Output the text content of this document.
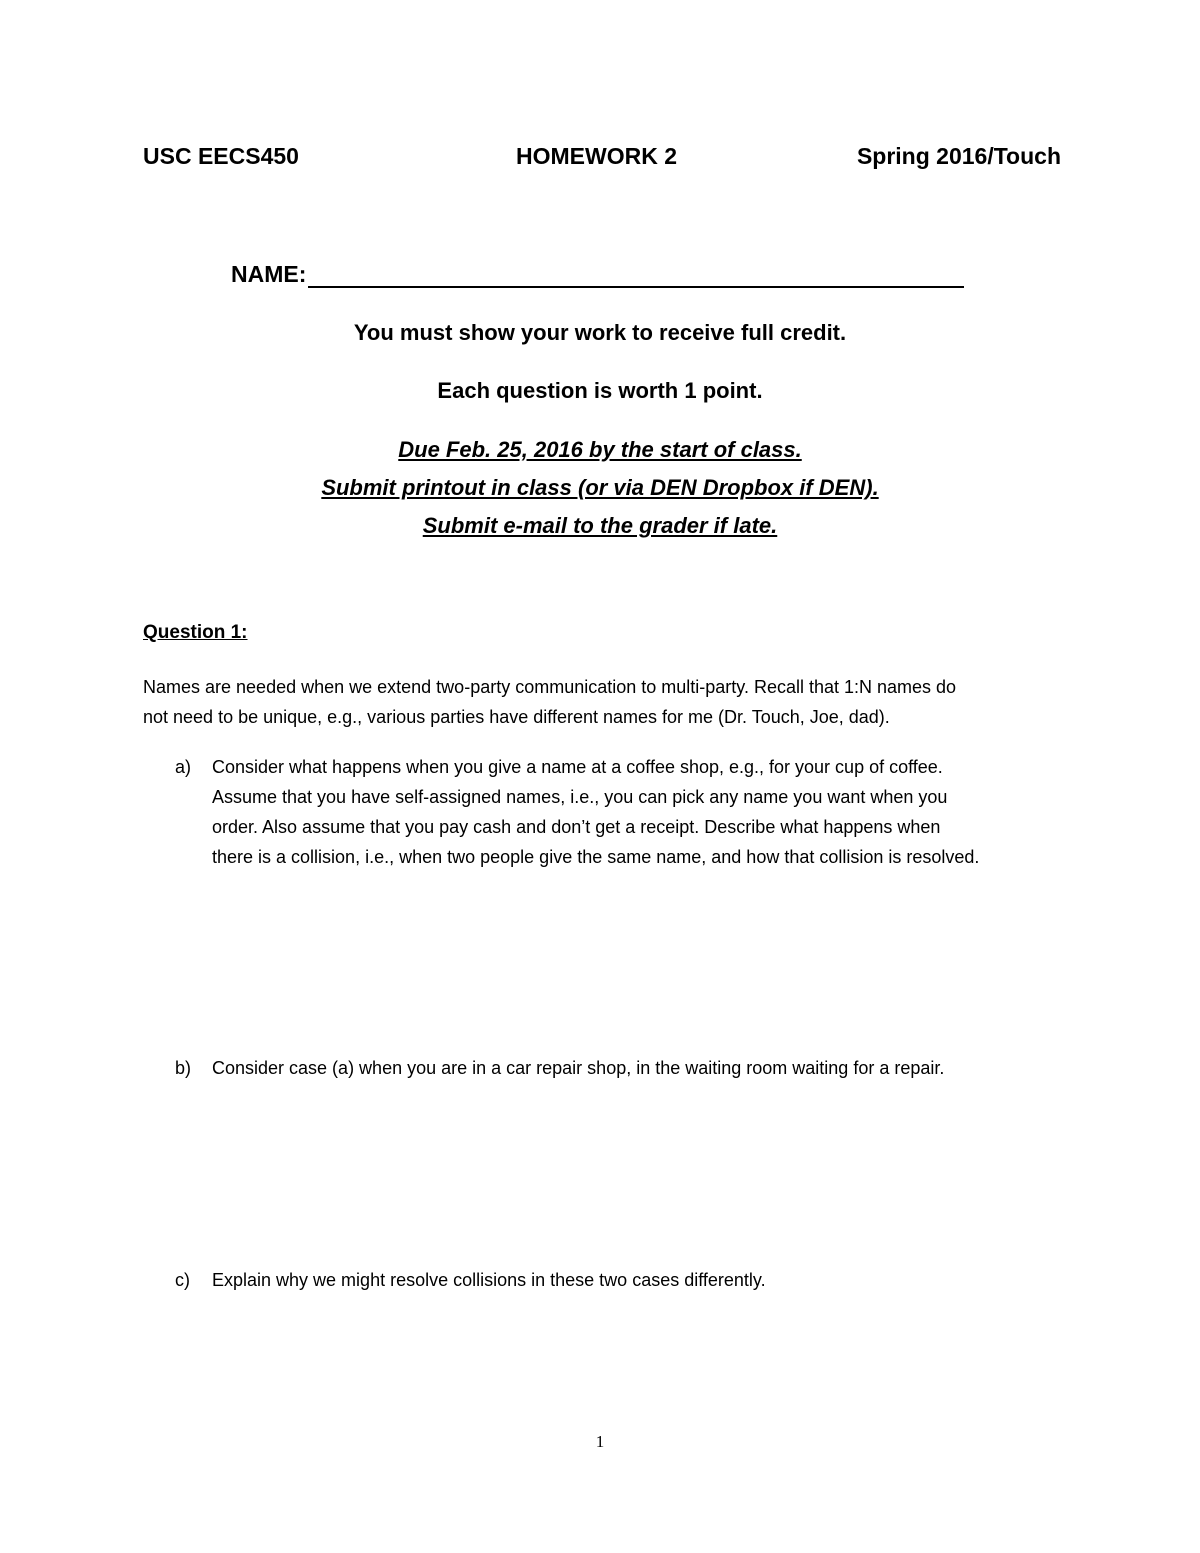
USC EECS450	HOMEWORK 2	Spring 2016/Touch
NAME:
You must show your work to receive full credit.
Each question is worth 1 point.
Due Feb. 25, 2016 by the start of class.
Submit printout in class (or via DEN Dropbox if DEN).
Submit e-mail to the grader if late.
Question 1:
Names are needed when we extend two-party communication to multi-party. Recall that 1:N names do
not need to be unique, e.g., various parties have different names for me (Dr. Touch, Joe, dad).
a) Consider what happens when you give a name at a coffee shop, e.g., for your cup of coffee.
Assume that you have self-assigned names, i.e., you can pick any name you want when you
order. Also assume that you pay cash and don’t get a receipt. Describe what happens when
there is a collision, i.e., when two people give the same name, and how that collision is resolved.
b) Consider case (a) when you are in a car repair shop, in the waiting room waiting for a repair.
c) Explain why we might resolve collisions in these two cases differently.
1
